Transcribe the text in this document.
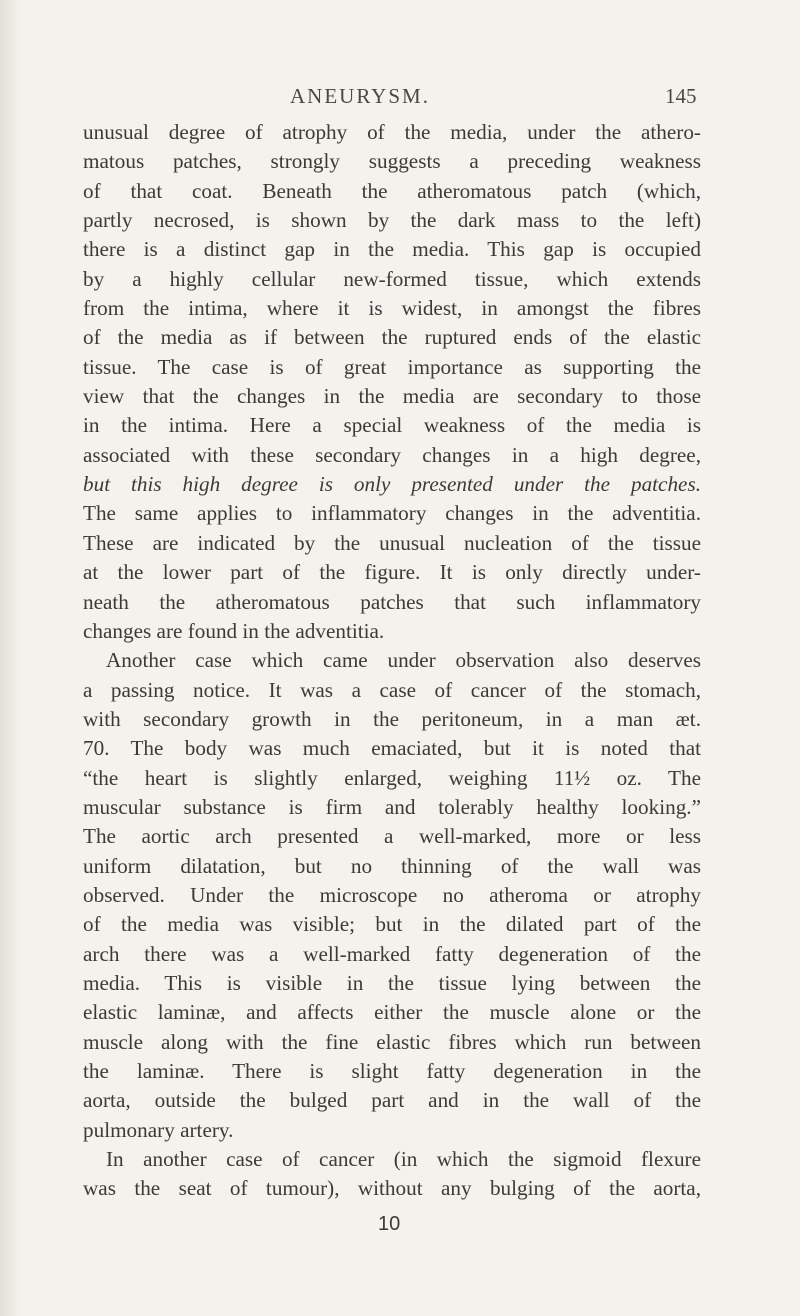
ANEURYSM.	145
unusual degree of atrophy of the media, under the athero-
matous patches, strongly suggests a preceding weakness
of that coat. Beneath the atheromatous patch (which,
partly necrosed, is shown by the dark mass to the left)
there is a distinct gap in the media. This gap is occupied
by a highly cellular new-formed tissue, which extends
from the intima, where it is widest, in amongst the fibres
of the media as if between the ruptured ends of the elastic
tissue. The case is of great importance as supporting the
view that the changes in the media are secondary to those
in the intima. Here a special weakness of the media is
associated with these secondary changes in a high degree,
but this high degree is only presented under the patches.
The same applies to inflammatory changes in the adventitia.
These are indicated by the unusual nucleation of the tissue
at the lower part of the figure. It is only directly under-
neath the atheromatous patches that such inflammatory
changes are found in the adventitia.
Another case which came under observation also deserves
a passing notice. It was a case of cancer of the stomach,
with secondary growth in the peritoneum, in a man æt.
70. The body was much emaciated, but it is noted that
“the heart is slightly enlarged, weighing 11½ oz. The
muscular substance is firm and tolerably healthy looking.”
The aortic arch presented a well-marked, more or less
uniform dilatation, but no thinning of the wall was
observed. Under the microscope no atheroma or atrophy
of the media was visible; but in the dilated part of the
arch there was a well-marked fatty degeneration of the
media. This is visible in the tissue lying between the
elastic laminæ, and affects either the muscle alone or the
muscle along with the fine elastic fibres which run between
the laminæ. There is slight fatty degeneration in the
aorta, outside the bulged part and in the wall of the
pulmonary artery.
In another case of cancer (in which the sigmoid flexure
was the seat of tumour), without any bulging of the aorta,
10
